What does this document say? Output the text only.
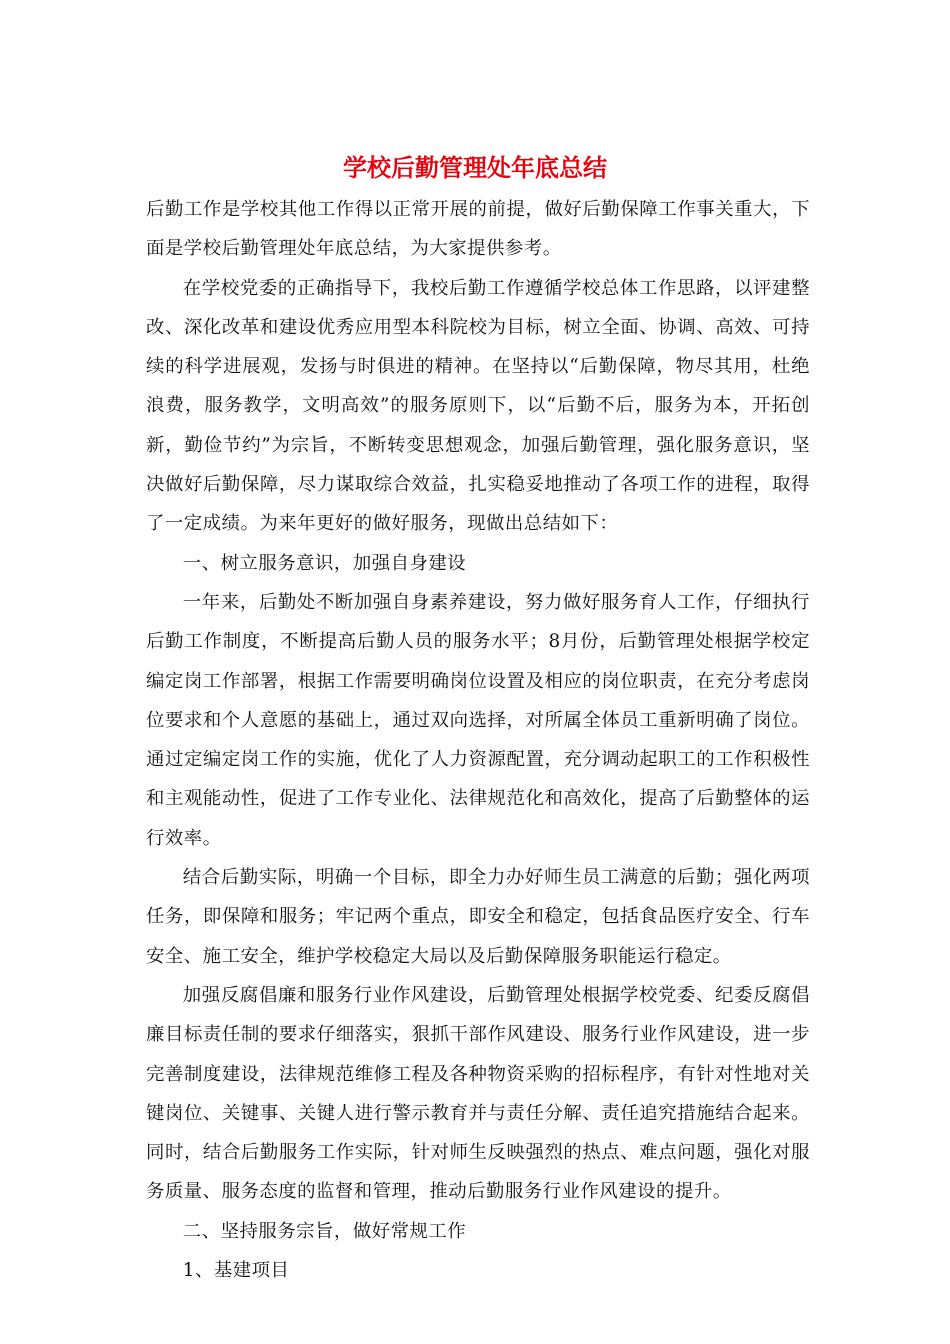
学校后勤管理处年底总结

后勤工作是学校其他工作得以正常开展的前提，做好后勤保障工作事关重大，下面是学校后勤管理处年底总结，为大家提供参考。

在学校党委的正确指导下，我校后勤工作遵循学校总体工作思路，以评建整改、深化改革和建设优秀应用型本科院校为目标，树立全面、协调、高效、可持续的科学进展观，发扬与时俱进的精神。在坚持以“后勤保障，物尽其用，杜绝浪费，服务教学，文明高效”的服务原则下，以“后勤不后，服务为本，开拓创新，勤俭节约”为宗旨，不断转变思想观念，加强后勤管理，强化服务意识，坚决做好后勤保障，尽力谋取综合效益，扎实稳妥地推动了各项工作的进程，取得了一定成绩。为来年更好的做好服务，现做出总结如下：

一、树立服务意识，加强自身建设

一年来，后勤处不断加强自身素养建设，努力做好服务育人工作，仔细执行后勤工作制度，不断提高后勤人员的服务水平；8月份，后勤管理处根据学校定编定岗工作部署，根据工作需要明确岗位设置及相应的岗位职责，在充分考虑岗位要求和个人意愿的基础上，通过双向选择，对所属全体员工重新明确了岗位。通过定编定岗工作的实施，优化了人力资源配置，充分调动起职工的工作积极性和主观能动性，促进了工作专业化、法律规范化和高效化，提高了后勤整体的运行效率。

结合后勤实际，明确一个目标，即全力办好师生员工满意的后勤；强化两项任务，即保障和服务；牢记两个重点，即安全和稳定，包括食品医疗安全、行车安全、施工安全，维护学校稳定大局以及后勤保障服务职能运行稳定。

加强反腐倡廉和服务行业作风建设，后勤管理处根据学校党委、纪委反腐倡廉目标责任制的要求仔细落实，狠抓干部作风建设、服务行业作风建设，进一步完善制度建设，法律规范维修工程及各种物资采购的招标程序，有针对性地对关键岗位、关键事、关键人进行警示教育并与责任分解、责任追究措施结合起来。同时，结合后勤服务工作实际，针对师生反映强烈的热点、难点问题，强化对服务质量、服务态度的监督和管理，推动后勤服务行业作风建设的提升。

二、坚持服务宗旨，做好常规工作

1、基建项目
